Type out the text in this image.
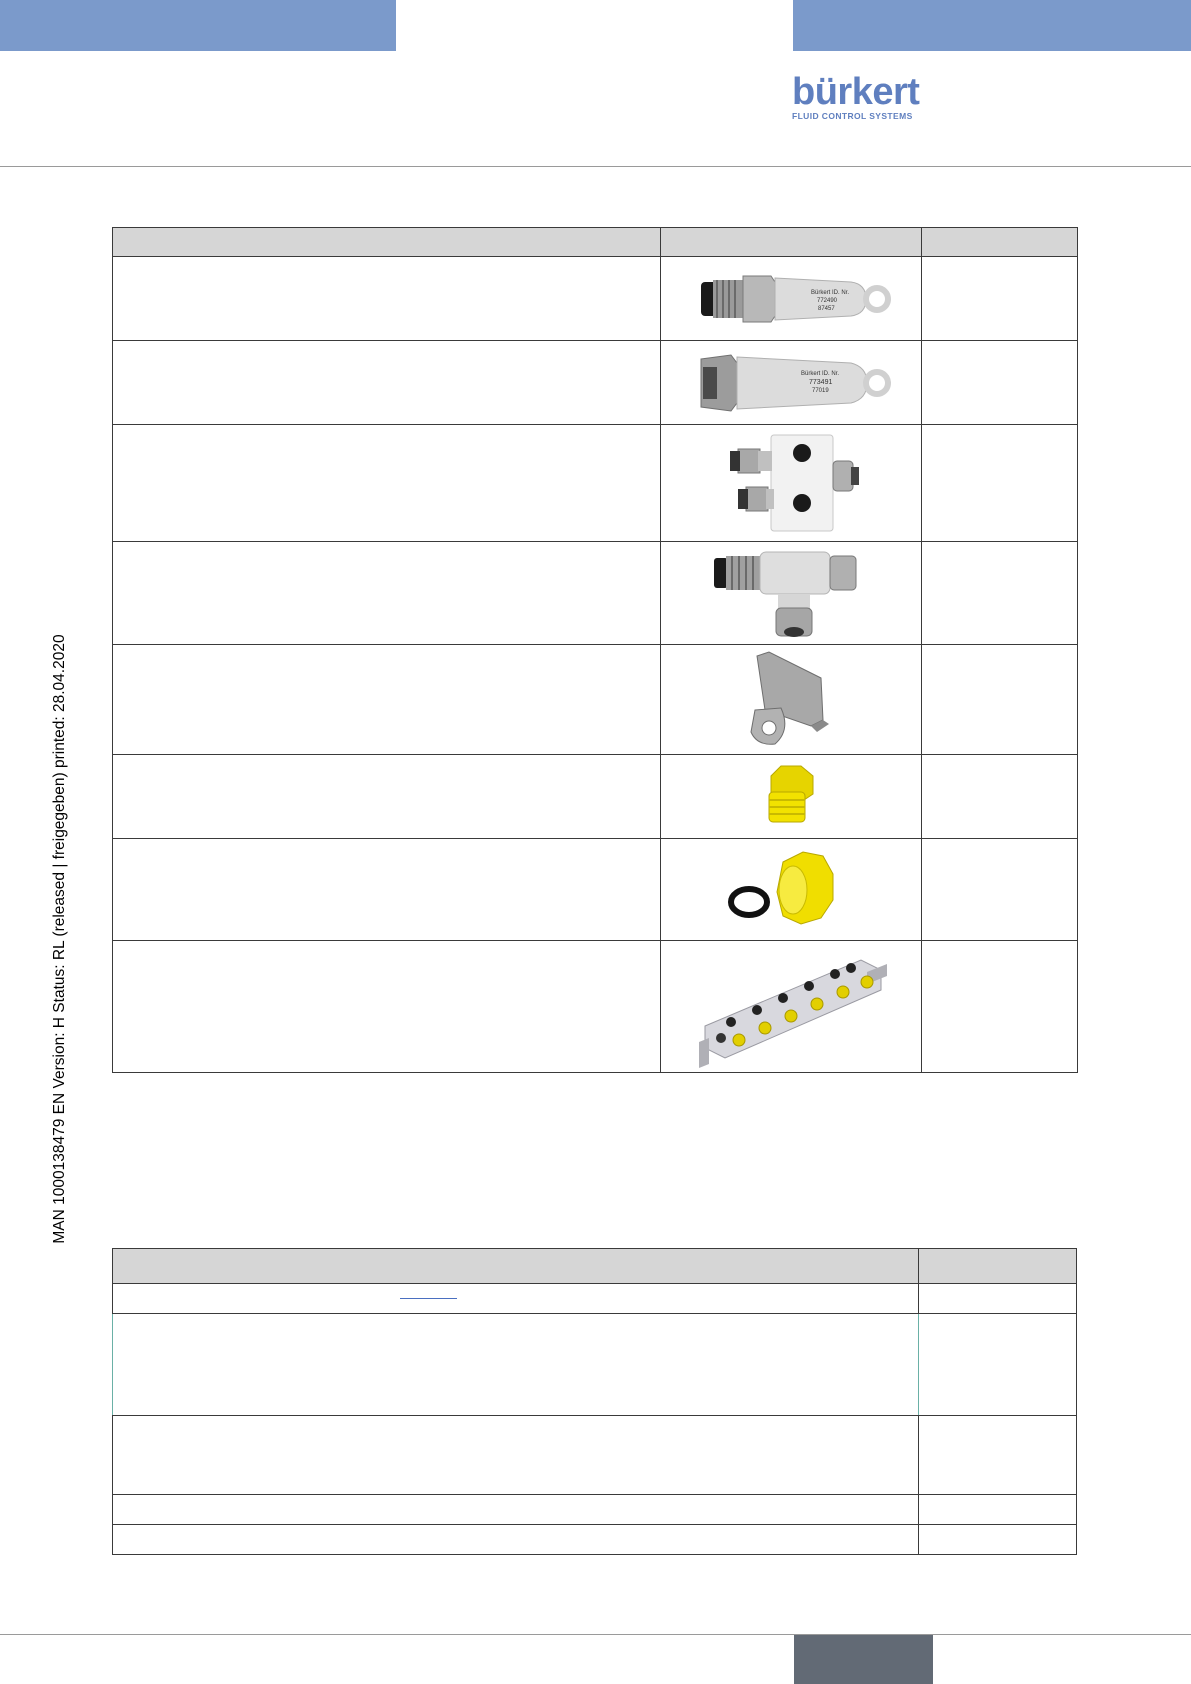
bürkert
FLUID CONTROL SYSTEMS
MAN 1000138479 EN Version: H Status: RL (released | freigegeben) printed: 28.04.2020

Bürkert ID. Nr.
772490
87457	

Bürkert ID. Nr.
773491
77019	
